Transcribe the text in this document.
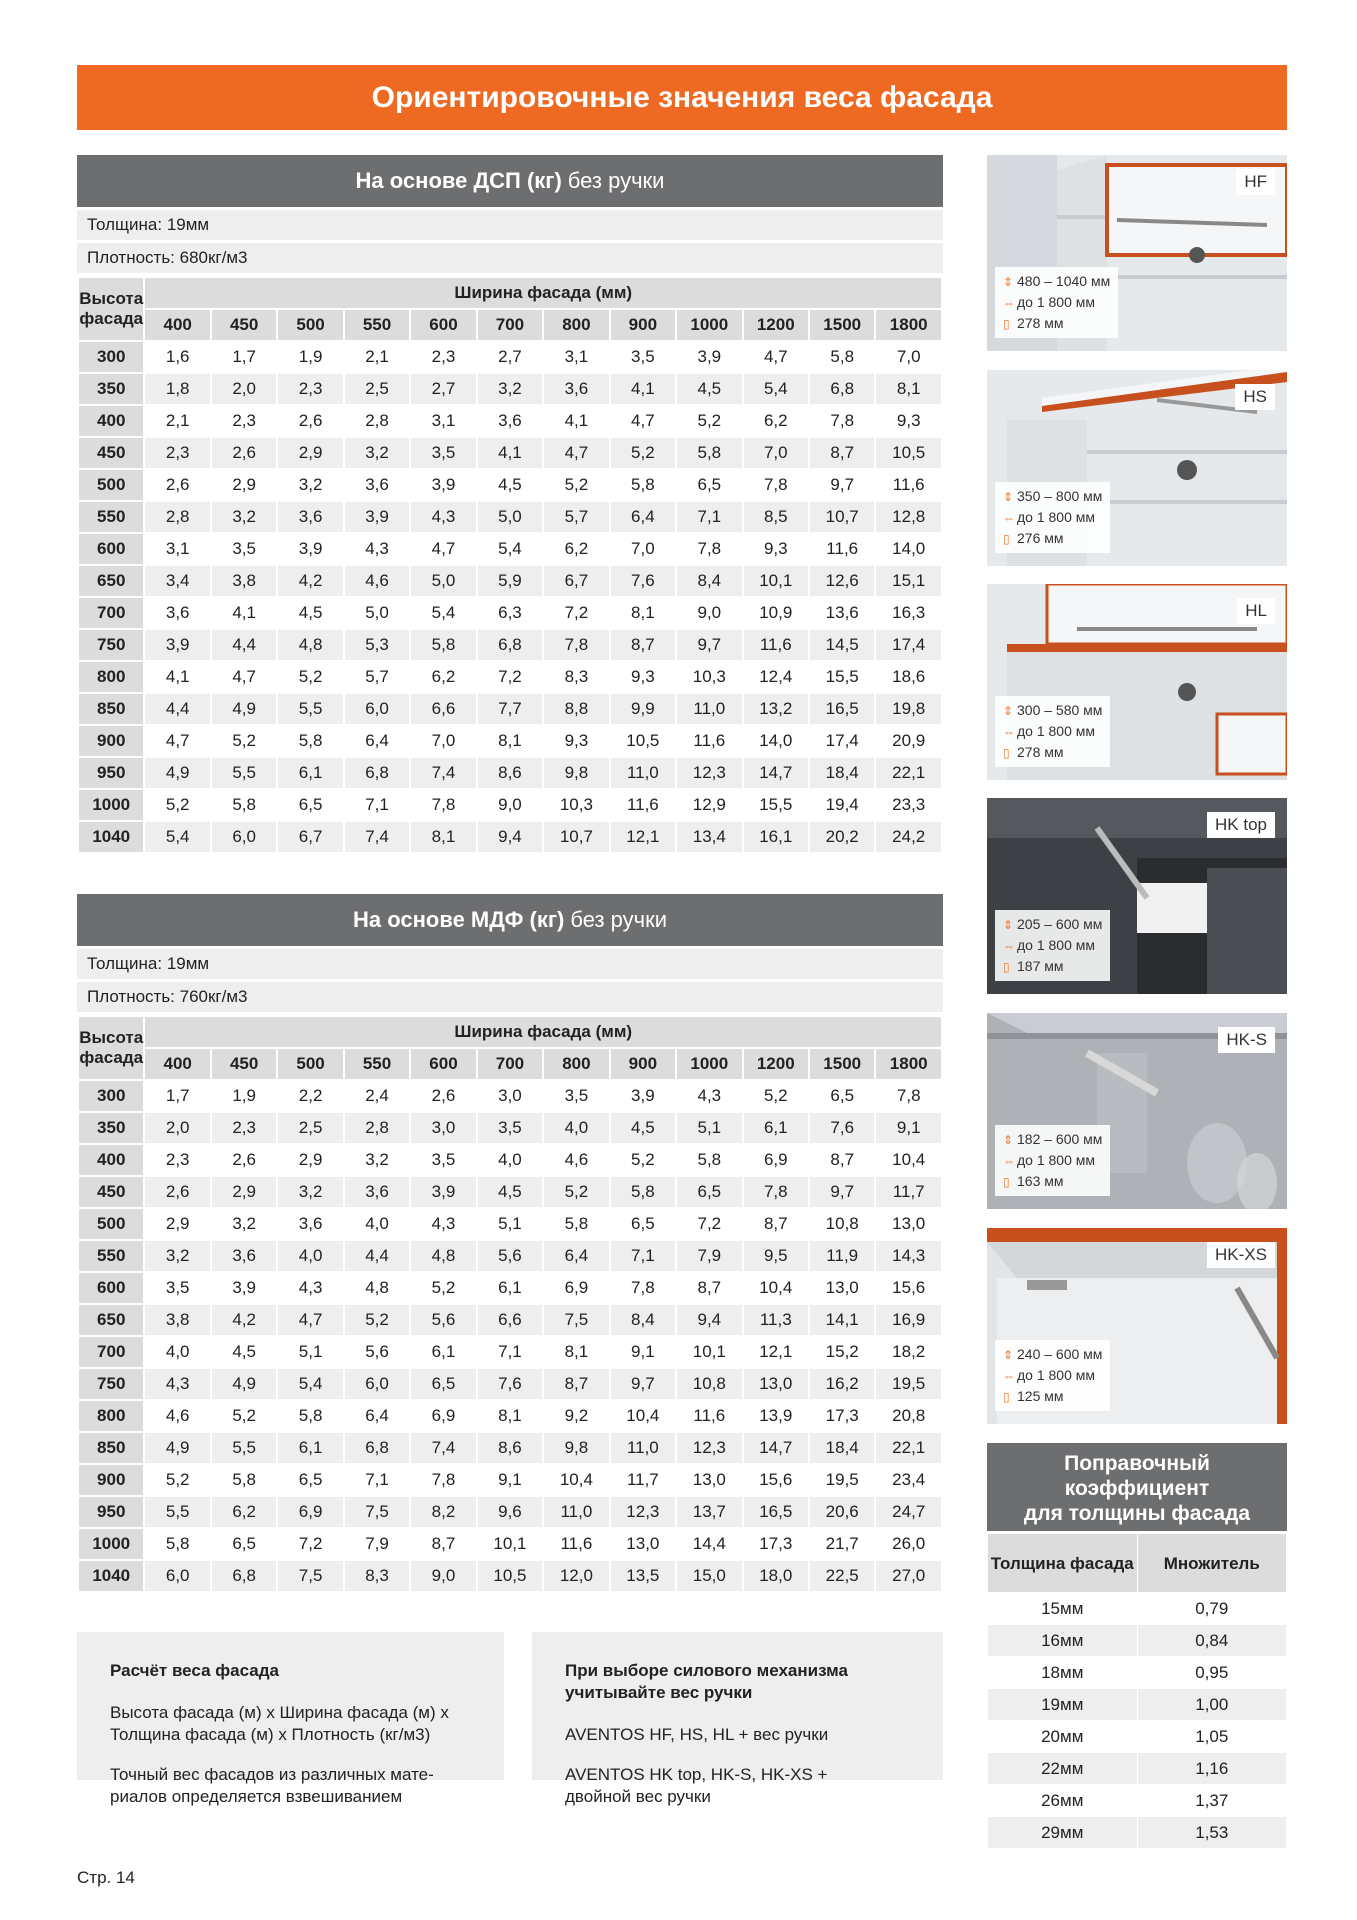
Ориентировочные значения веса фасада
На основе ДСП (кг) без ручки
Толщина: 19мм
Плотность: 680кг/м3
Высота фасада	Ширина фасада (мм)											
	400	450	500	550	600	700	800	900	1000	1200	1500	1800
300	1,6	1,7	1,9	2,1	2,3	2,7	3,1	3,5	3,9	4,7	5,8	7,0
350	1,8	2,0	2,3	2,5	2,7	3,2	3,6	4,1	4,5	5,4	6,8	8,1
400	2,1	2,3	2,6	2,8	3,1	3,6	4,1	4,7	5,2	6,2	7,8	9,3
450	2,3	2,6	2,9	3,2	3,5	4,1	4,7	5,2	5,8	7,0	8,7	10,5
500	2,6	2,9	3,2	3,6	3,9	4,5	5,2	5,8	6,5	7,8	9,7	11,6
550	2,8	3,2	3,6	3,9	4,3	5,0	5,7	6,4	7,1	8,5	10,7	12,8
600	3,1	3,5	3,9	4,3	4,7	5,4	6,2	7,0	7,8	9,3	11,6	14,0
650	3,4	3,8	4,2	4,6	5,0	5,9	6,7	7,6	8,4	10,1	12,6	15,1
700	3,6	4,1	4,5	5,0	5,4	6,3	7,2	8,1	9,0	10,9	13,6	16,3
750	3,9	4,4	4,8	5,3	5,8	6,8	7,8	8,7	9,7	11,6	14,5	17,4
800	4,1	4,7	5,2	5,7	6,2	7,2	8,3	9,3	10,3	12,4	15,5	18,6
850	4,4	4,9	5,5	6,0	6,6	7,7	8,8	9,9	11,0	13,2	16,5	19,8
900	4,7	5,2	5,8	6,4	7,0	8,1	9,3	10,5	11,6	14,0	17,4	20,9
950	4,9	5,5	6,1	6,8	7,4	8,6	9,8	11,0	12,3	14,7	18,4	22,1
1000	5,2	5,8	6,5	7,1	7,8	9,0	10,3	11,6	12,9	15,5	19,4	23,3
1040	5,4	6,0	6,7	7,4	8,1	9,4	10,7	12,1	13,4	16,1	20,2	24,2
На основе МДФ (кг) без ручки
Толщина: 19мм
Плотность: 760кг/м3
Высота фасада	Ширина фасада (мм)											
	400	450	500	550	600	700	800	900	1000	1200	1500	1800
300	1,7	1,9	2,2	2,4	2,6	3,0	3,5	3,9	4,3	5,2	6,5	7,8
350	2,0	2,3	2,5	2,8	3,0	3,5	4,0	4,5	5,1	6,1	7,6	9,1
400	2,3	2,6	2,9	3,2	3,5	4,0	4,6	5,2	5,8	6,9	8,7	10,4
450	2,6	2,9	3,2	3,6	3,9	4,5	5,2	5,8	6,5	7,8	9,7	11,7
500	2,9	3,2	3,6	4,0	4,3	5,1	5,8	6,5	7,2	8,7	10,8	13,0
550	3,2	3,6	4,0	4,4	4,8	5,6	6,4	7,1	7,9	9,5	11,9	14,3
600	3,5	3,9	4,3	4,8	5,2	6,1	6,9	7,8	8,7	10,4	13,0	15,6
650	3,8	4,2	4,7	5,2	5,6	6,6	7,5	8,4	9,4	11,3	14,1	16,9
700	4,0	4,5	5,1	5,6	6,1	7,1	8,1	9,1	10,1	12,1	15,2	18,2
750	4,3	4,9	5,4	6,0	6,5	7,6	8,7	9,7	10,8	13,0	16,2	19,5
800	4,6	5,2	5,8	6,4	6,9	8,1	9,2	10,4	11,6	13,9	17,3	20,8
850	4,9	5,5	6,1	6,8	7,4	8,6	9,8	11,0	12,3	14,7	18,4	22,1
900	5,2	5,8	6,5	7,1	7,8	9,1	10,4	11,7	13,0	15,6	19,5	23,4
950	5,5	6,2	6,9	7,5	8,2	9,6	11,0	12,3	13,7	16,5	20,6	24,7
1000	5,8	6,5	7,2	7,9	8,7	10,1	11,6	13,0	14,4	17,3	21,7	26,0
1040	6,0	6,8	7,5	8,3	9,0	10,5	12,0	13,5	15,0	18,0	22,5	27,0
Расчёт веса фасада

Высота фасада (м) х Ширина фасада (м) х Толщина фасада (м) х Плотность (кг/м3)

Точный вес фасадов из различных мате-риалов определяется взвешиванием

При выборе силового механизма учитывайте вес ручки

AVENTOS HF, HS, HL + вес ручки

AVENTOS HK top, HK-S, HK-XS + двойной вес ручки

HF
⇕ 480 – 1040 мм
⇔ до 1 800 мм
▯ 278 мм
HS
⇕ 350 – 800 мм
⇔ до 1 800 мм
▯ 276 мм
HL
⇕ 300 – 580 мм
⇔ до 1 800 мм
▯ 278 мм
HK top
⇕ 205 – 600 мм
⇔ до 1 800 мм
▯ 187 мм
HK-S
⇕ 182 – 600 мм
⇔ до 1 800 мм
▯ 163 мм
HK-XS
⇕ 240 – 600 мм
⇔ до 1 800 мм
▯ 125 мм
Поправочный
коэффициент
для толщины фасада
Толщина фасада	Множитель
15мм	0,79
16мм	0,84
18мм	0,95
19мм	1,00
20мм	1,05
22мм	1,16
26мм	1,37
29мм	1,53
Стр. 14
